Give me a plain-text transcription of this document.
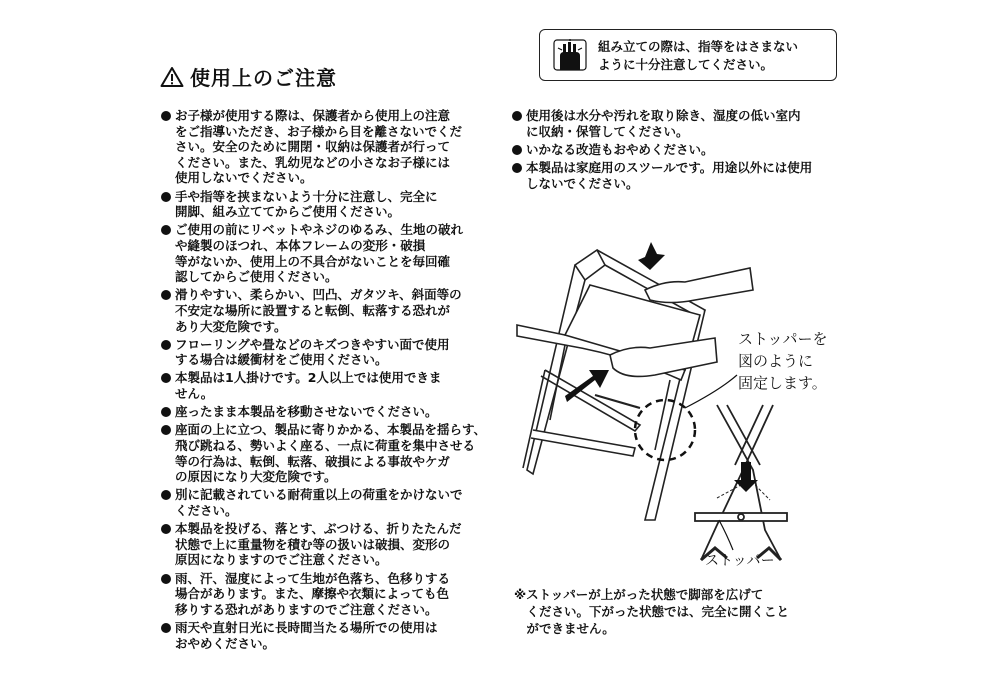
使用上のご注意
組み立ての際は、指等をはさまない
ように十分注意してください。
お子様が使用する際は、保護者から使用上の注意
をご指導いただき、お子様から目を離さないでくだ
さい。安全のために開閉・収納は保護者が行って
ください。また、乳幼児などの小さなお子様には
使用しないでください。
手や指等を挟まないよう十分に注意し、完全に
開脚、組み立ててからご使用ください。
ご使用の前にリベットやネジのゆるみ、生地の破れ
や縫製のほつれ、本体フレームの変形・破損
等がないか、使用上の不具合がないことを毎回確
認してからご使用ください。
滑りやすい、柔らかい、凹凸、ガタツキ、斜面等の
不安定な場所に設置すると転倒、転落する恐れが
あり大変危険です。
フローリングや畳などのキズつきやすい面で使用
する場合は緩衝材をご使用ください。
本製品は1人掛けです。2人以上では使用できま
せん。
座ったまま本製品を移動させないでください。
座面の上に立つ、製品に寄りかかる、本製品を揺らす、
飛び跳ねる、勢いよく座る、一点に荷重を集中させる
等の行為は、転倒、転落、破損による事故やケガ
の原因になり大変危険です。
別に記載されている耐荷重以上の荷重をかけないで
ください。
本製品を投げる、落とす、ぶつける、折りたたんだ
状態で上に重量物を積む等の扱いは破損、変形の
原因になりますのでご注意ください。
雨、汗、湿度によって生地が色落ち、色移りする
場合があります。また、摩擦や衣類によっても色
移りする恐れがありますのでご注意ください。
雨天や直射日光に長時間当たる場所での使用は
おやめください。
使用後は水分や汚れを取り除き、湿度の低い室内
に収納・保管してください。
いかなる改造もおやめください。
本製品は家庭用のスツールです。用途以外には使用
しないでください。
ストッパーを
図のように
固定します。
ストッパー
※ストッパーが上がった状態で脚部を広げて
　ください。下がった状態では、完全に開くこと
　ができません。
